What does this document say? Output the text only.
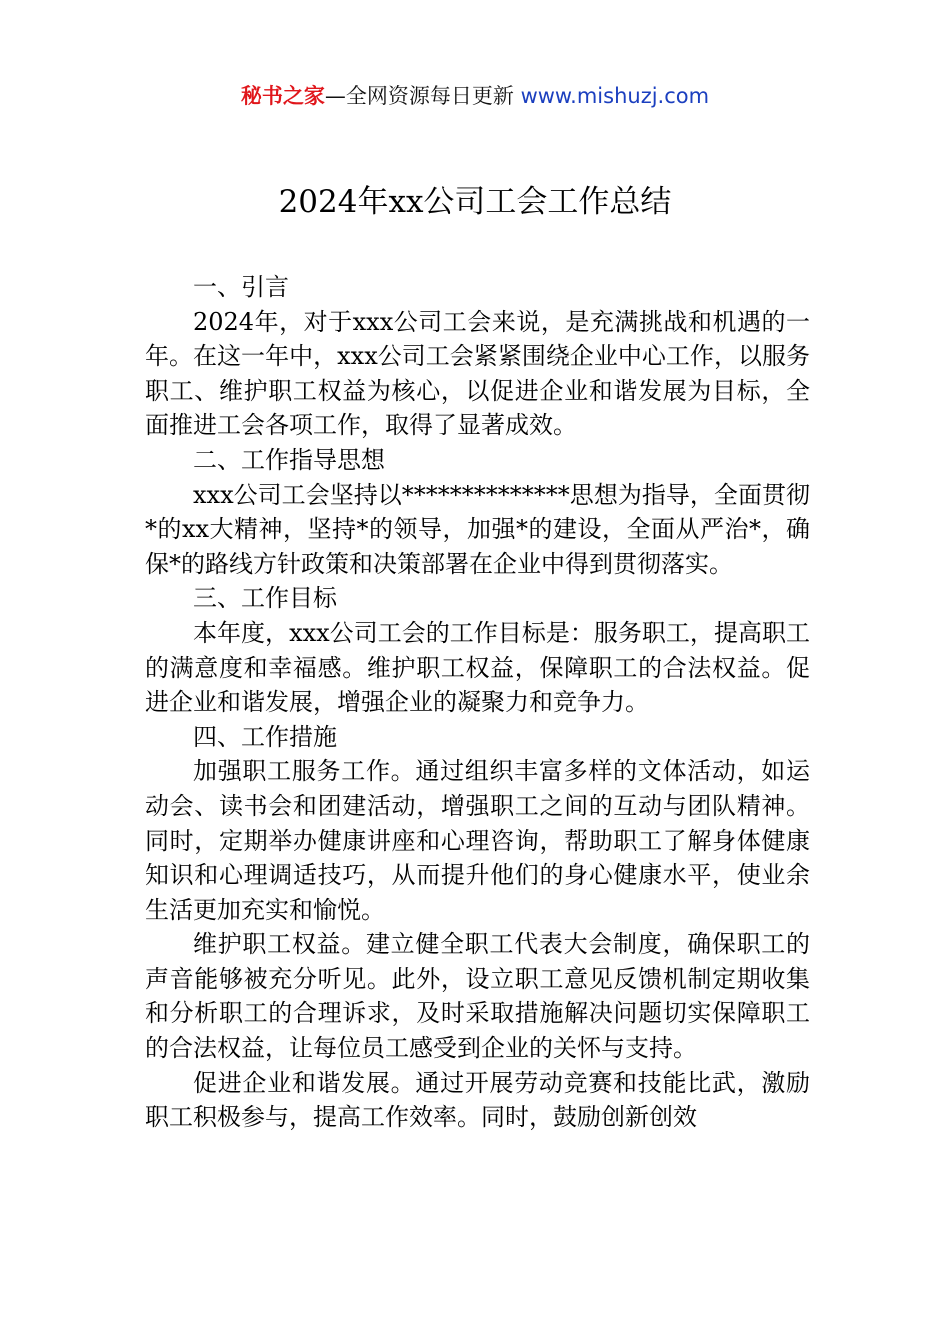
秘书之家—全网资源每日更新 www.mishuzj.com
2024年xx公司工会工作总结

一、引言

2024年，对于xxx公司工会来说，是充满挑战和机遇的一年。在这一年中，xxx公司工会紧紧围绕企业中心工作，以服务职工、维护职工权益为核心，以促进企业和谐发展为目标，全面推进工会各项工作，取得了显著成效。

二、工作指导思想

xxx公司工会坚持以**************思想为指导，全面贯彻*的xx大精神，坚持*的领导，加强*的建设，全面从严治*，确保*的路线方针政策和决策部署在企业中得到贯彻落实。

三、工作目标

本年度，xxx公司工会的工作目标是：服务职工，提高职工的满意度和幸福感。维护职工权益，保障职工的合法权益。促进企业和谐发展，增强企业的凝聚力和竞争力。

四、工作措施

加强职工服务工作。通过组织丰富多样的文体活动，如运动会、读书会和团建活动，增强职工之间的互动与团队精神。同时，定期举办健康讲座和心理咨询，帮助职工了解身体健康知识和心理调适技巧，从而提升他们的身心健康水平，使业余生活更加充实和愉悦。

维护职工权益。建立健全职工代表大会制度，确保职工的声音能够被充分听见。此外，设立职工意见反馈机制定期收集和分析职工的合理诉求，及时采取措施解决问题切实保障职工的合法权益，让每位员工感受到企业的关怀与支持。

促进企业和谐发展。通过开展劳动竞赛和技能比武，激励职工积极参与，提高工作效率。同时，鼓励创新创效
